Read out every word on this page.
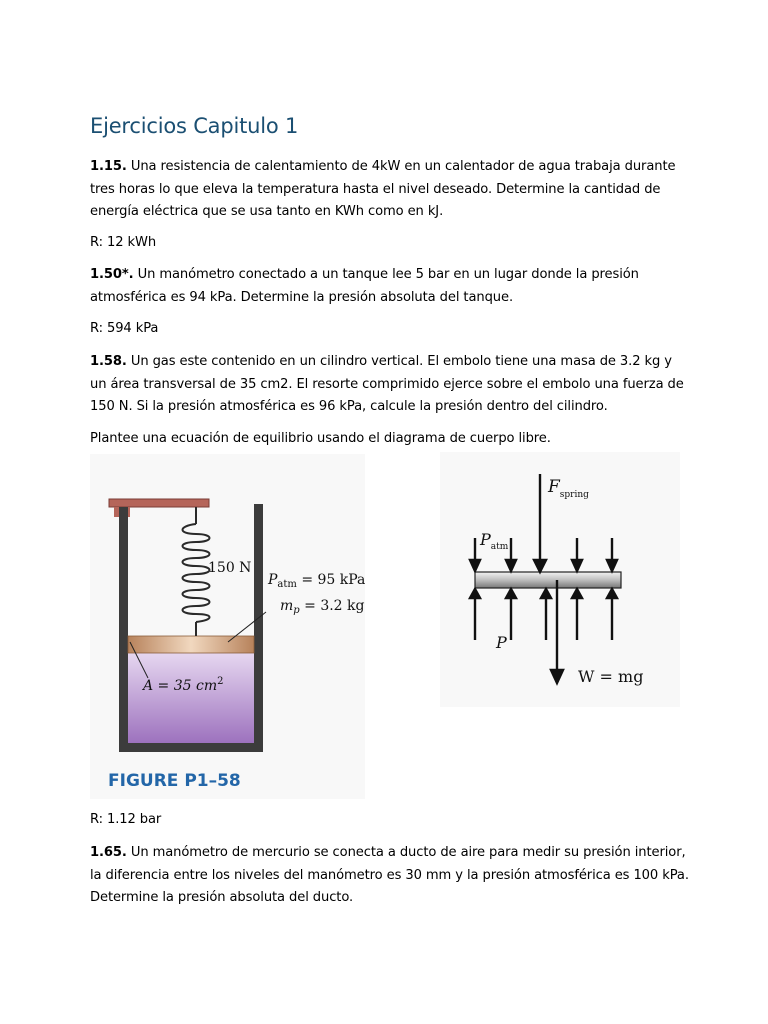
Ejercicios Capitulo 1

1.15. Una resistencia de calentamiento de 4kW en un calentador de agua trabaja durante tres horas lo que eleva la temperatura hasta el nivel deseado. Determine la cantidad de energía eléctrica que se usa tanto en KWh como en kJ.

R: 12 kWh

1.50*. Un manómetro conectado a un tanque lee 5 bar en un lugar donde la presión atmosférica es 94 kPa. Determine la presión absoluta del tanque.

R: 594 kPa

1.58. Un gas este contenido en un cilindro vertical. El embolo tiene una masa de 3.2 kg y un área transversal de 35 cm2. El resorte comprimido ejerce sobre el embolo una fuerza de 150 N. Si la presión atmosférica es 96 kPa, calcule la presión dentro del cilindro.

Plantee una ecuación de equilibrio usando el diagrama de cuerpo libre.

150 N
$P_{atm} = 95$ kPa
$m_p = 3.2$ kg
A = 35 $cm^2$
FIGURE P1–58
$F_{spring}$
$P_{atm}$
P
W = mg

R: 1.12 bar

1.65. Un manómetro de mercurio se conecta a ducto de aire para medir su presión interior, la diferencia entre los niveles del manómetro es 30 mm y la presión atmosférica es 100 kPa. Determine la presión absoluta del ducto.
